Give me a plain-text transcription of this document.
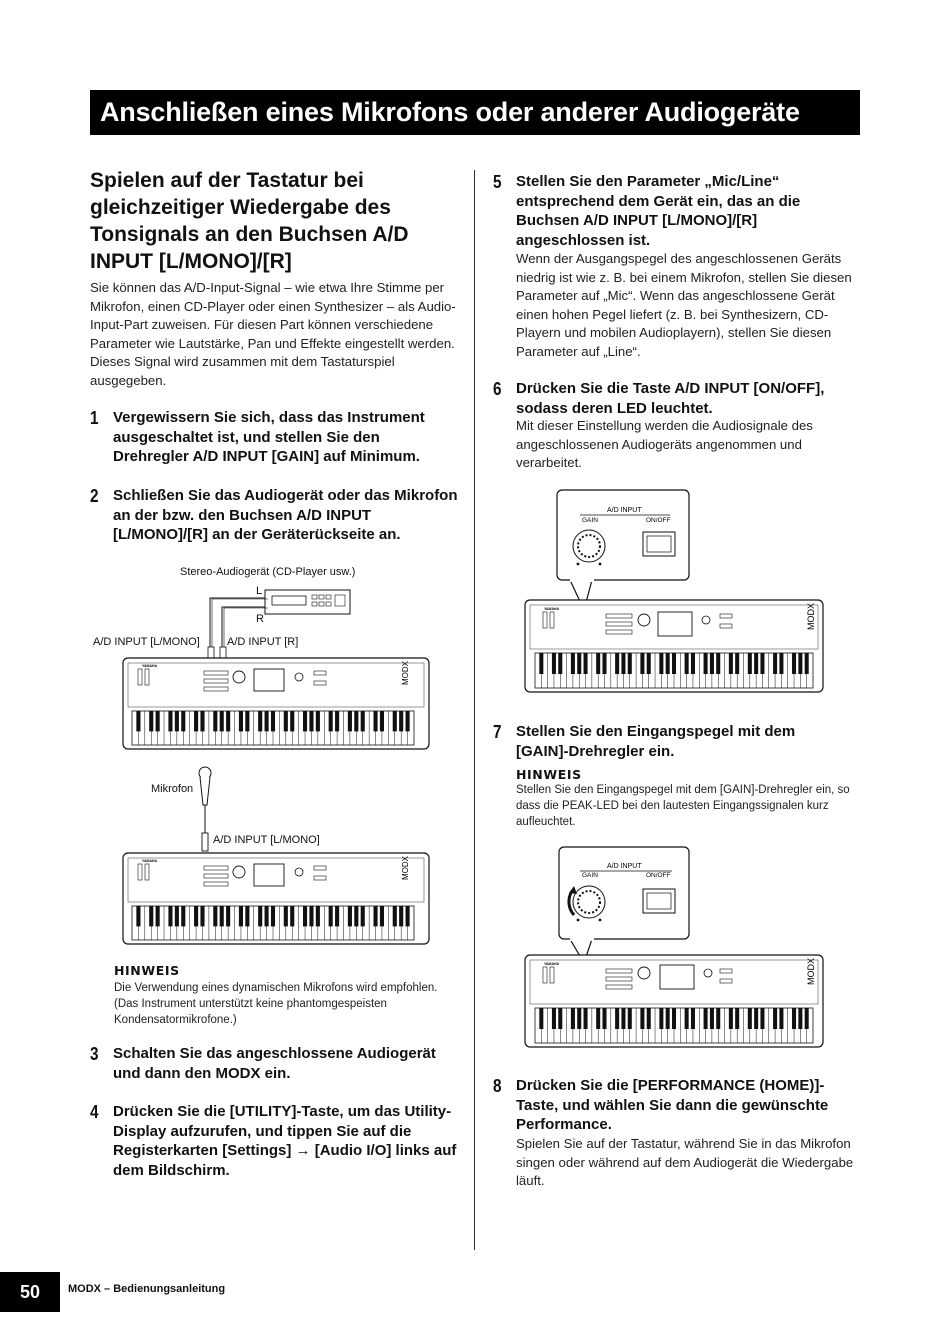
Anschließen eines Mikrofons oder anderer Audiogeräte
Spielen auf der Tastatur bei gleichzeitiger Wiedergabe des Tonsignals an den Buchsen A/D INPUT [L/MONO]/[R]
Sie können das A/D-Input-Signal – wie etwa Ihre Stimme per Mikrofon, einen CD-Player oder einen Synthesizer – als Audio-Input-Part zuweisen. Für diesen Part können verschiedene Parameter wie Lautstärke, Pan und Effekte eingestellt werden. Dieses Signal wird zusammen mit dem Tastaturspiel ausgegeben.
1 Vergewissern Sie sich, dass das Instrument ausgeschaltet ist, und stellen Sie den Drehregler A/D INPUT [GAIN] auf Minimum.
2 Schließen Sie das Audiogerät oder das Mikrofon an der bzw. den Buchsen A/D INPUT [L/MONO]/[R] an der Geräterückseite an.
Stereo-Audiogerät (CD-Player usw.)
L
R
A/D INPUT [L/MONO] A/D INPUT [R]
YAMAHA	MODX
Mikrofon
A/D INPUT [L/MONO]
YAMAHA	MODX
HINWEIS
Die Verwendung eines dynamischen Mikrofons wird empfohlen. (Das Instrument unterstützt keine phantomgespeisten Kondensatormikrofone.)
3 Schalten Sie das angeschlossene Audiogerät und dann den MODX ein.
4 Drücken Sie die [UTILITY]-Taste, um das Utility-Display aufzurufen, und tippen Sie auf die Registerkarten [Settings] → [Audio I/O] links auf dem Bildschirm.
5 Stellen Sie den Parameter „Mic/Line“ entsprechend dem Gerät ein, das an die Buchsen A/D INPUT [L/MONO]/[R] angeschlossen ist.
Wenn der Ausgangspegel des angeschlossenen Geräts niedrig ist wie z. B. bei einem Mikrofon, stellen Sie diesen Parameter auf „Mic“. Wenn das angeschlossene Gerät einen hohen Pegel liefert (z. B. bei Synthesizern, CD-Playern und mobilen Audioplayern), stellen Sie diesen Parameter auf „Line“.
6 Drücken Sie die Taste A/D INPUT [ON/OFF], sodass deren LED leuchtet.
Mit dieser Einstellung werden die Audiosignale des angeschlossenen Audiogeräts angenommen und verarbeitet.
A/D INPUT
GAIN	ON/OFF
YAMAHA	MODX
7 Stellen Sie den Eingangspegel mit dem [GAIN]-Drehregler ein.
HINWEIS
Stellen Sie den Eingangspegel mit dem [GAIN]-Drehregler ein, so dass die PEAK-LED bei den lautesten Eingangssignalen kurz aufleuchtet.
A/D INPUT
GAIN	ON/OFF
YAMAHA	MODX
8 Drücken Sie die [PERFORMANCE (HOME)]-Taste, und wählen Sie dann die gewünschte Performance.
Spielen Sie auf der Tastatur, während Sie in das Mikrofon singen oder während auf dem Audiogerät die Wiedergabe läuft.
50	MODX – Bedienungsanleitung
